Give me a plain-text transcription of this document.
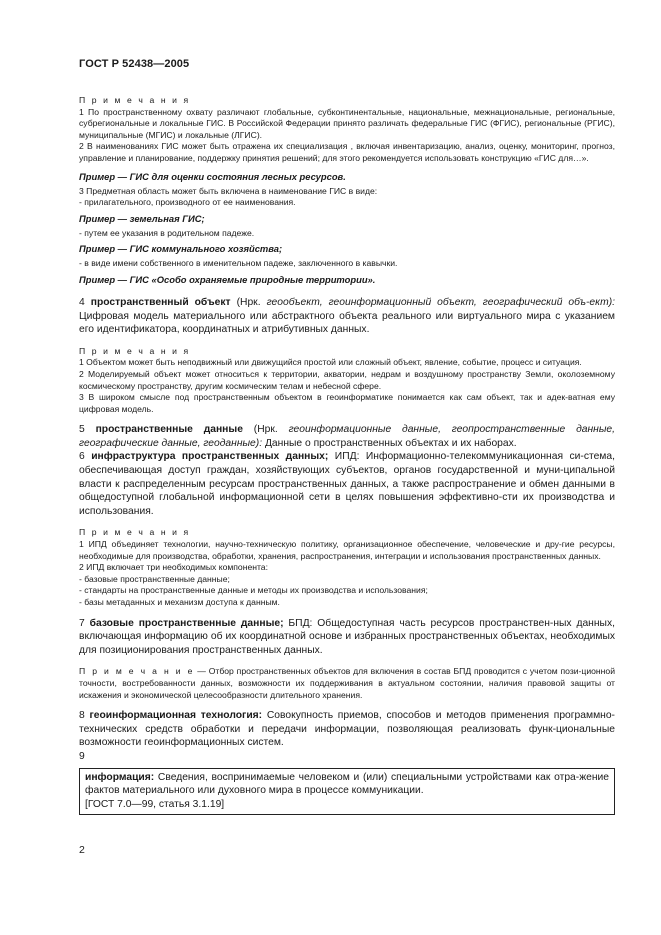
ГОСТ Р 52438—2005

П р и м е ч а н и я

1 По пространственному охвату различают глобальные, субконтинентальные, национальные, межнациональные, региональные, субрегиональные и локальные ГИС. В Российской Федерации принято различать федеральные ГИС (ФГИС), региональные (РГИС), муниципальные (МГИС) и локальные (ЛГИС).

2 В наименованиях ГИС может быть отражена их специализация , включая инвентаризацию, анализ, оценку, мониторинг, прогноз, управление и планирование, поддержку принятия решений; для этого рекомендуется использовать конструкцию «ГИС для…».

Пример — ГИС для оценки состояния лесных ресурсов.

3 Предметная область может быть включена в наименование ГИС в виде:

- прилагательного, производного от ее наименования.

Пример — земельная ГИС;

- путем ее указания в родительном падеже.

Пример — ГИС коммунального хозяйства;

- в виде имени собственного в именительном падеже, заключенного в кавычки.

Пример — ГИС «Особо охраняемые природные территории».

4 пространственный объект (Нрк. геообъект, геоинформационный объект, географический объ-ект): Цифровая модель материального или абстрактного объекта реального или виртуального мира с указанием его идентификатора, координатных и атрибутивных данных.

П р и м е ч а н и я

1 Объектом может быть неподвижный или движущийся простой или сложный объект, явление, событие, процесс и ситуация.

2 Моделируемый объект может относиться к территории, акватории, недрам и воздушному пространству Земли, околоземному космическому пространству, другим космическим телам и небесной сфере.

3 В широком смысле под пространственным объектом в геоинформатике понимается как сам объект, так и адек-ватная ему цифровая модель.

5 пространственные данные (Нрк. геоинформационные данные, геопространственные данные, географические данные, геоданные): Данные о пространственных объектах и их наборах.

6 инфраструктура пространственных данных; ИПД: Информационно-телекоммуникационная си-стема, обеспечивающая доступ граждан, хозяйствующих субъектов, органов государственной и муни-ципальной власти к распределенным ресурсам пространственных данных, а также распространение и обмен данными в общедоступной глобальной информационной сети в целях повышения эффективно-сти их производства и использования.

П р и м е ч а н и я

1 ИПД объединяет технологии, научно-техническую политику, организационное обеспечение, человеческие и дру-гие ресурсы, необходимые для производства, обработки, хранения, распространения, интеграции и использования пространственных данных.

2 ИПД включает три необходимых компонента:

- базовые пространственные данные;

- стандарты на пространственные данные и методы их производства и использования;

- базы метаданных и механизм доступа к данным.

7 базовые пространственные данные; БПД: Общедоступная часть ресурсов пространствен-ных данных, включающая информацию об их координатной основе и избранных пространственных объектах, необходимых для позиционирования пространственных данных.

П р и м е ч а н и е — Отбор пространственных объектов для включения в состав БПД проводится с учетом пози-ционной точности, востребованности данных, возможности их поддерживания в актуальном состоянии, наличия правовой защиты от искажения и экономической целесообразности длительного хранения.

8 геоинформационная технология: Совокупность приемов, способов и методов применения программно-технических средств обработки и передачи информации, позволяющая реализовать функ-циональные возможности геоинформационных систем.

9

информация: Сведения, воспринимаемые человеком и (или) специальными устройствами как отра-жение фактов материального или духовного мира в процессе коммуникации.

[ГОСТ 7.0—99, статья 3.1.19]

2
